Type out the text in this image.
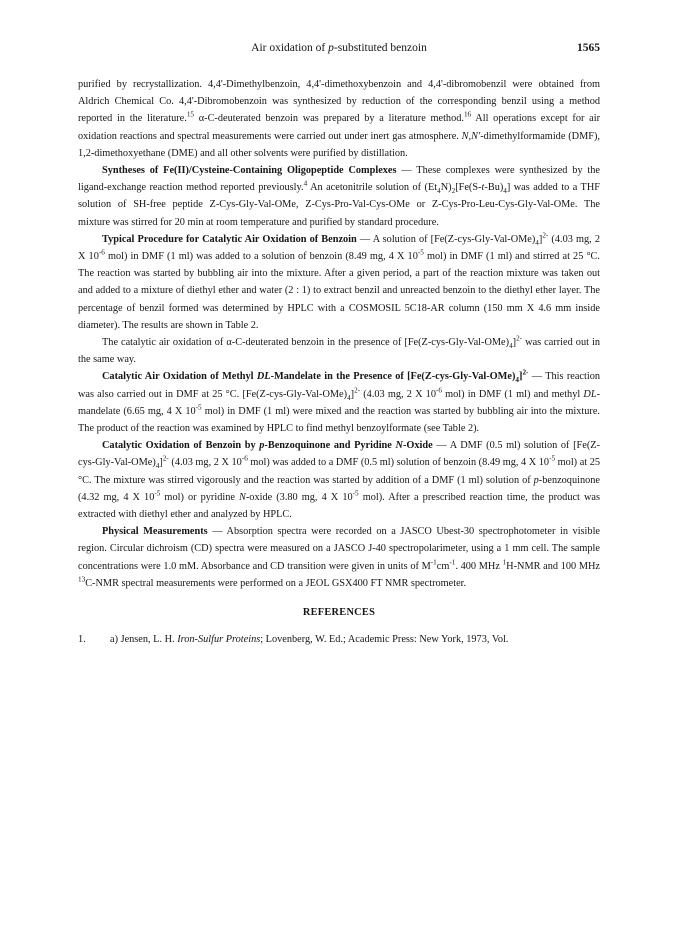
Air oxidation of p-substituted benzoin	1565

purified by recrystallization. 4,4'-Dimethylbenzoin, 4,4'-dimethoxybenzoin and 4,4'-dibromobenzil were obtained from Aldrich Chemical Co. 4,4'-Dibromobenzoin was synthesized by reduction of the corresponding benzil using a method reported in the literature.$^{15}$ α-C-deuterated benzoin was prepared by a literature method.$^{16}$ All operations except for air oxidation reactions and spectral measurements were carried out under inert gas atmosphere. N,N'-dimethylformamide (DMF), 1,2-dimethoxyethane (DME) and all other solvents were purified by distillation.

Syntheses of Fe(II)/Cysteine-Containing Oligopeptide Complexes — These complexes were synthesized by the ligand-exchange reaction method reported previously.$^4$ An acetonitrile solution of $(Et_4N)_2[Fe(S-t-Bu)_4]$ was added to a THF solution of SH-free peptide Z-Cys-Gly-Val-OMe, Z-Cys-Pro-Val-Cys-OMe or Z-Cys-Pro-Leu-Cys-Gly-Val-OMe. The mixture was stirred for 20 min at room temperature and purified by standard procedure.

Typical Procedure for Catalytic Air Oxidation of Benzoin — A solution of $[Fe(Z-cys-Gly-Val-OMe)_4]^{2-}$ (4.03 mg, 2 X $10^{-6}$ mol) in DMF (1 ml) was added to a solution of benzoin (8.49 mg, 4 X $10^{-5}$ mol) in DMF (1 ml) and stirred at 25 °C. The reaction was started by bubbling air into the mixture. After a given period, a part of the reaction mixture was taken out and added to a mixture of diethyl ether and water (2 : 1) to extract benzil and unreacted benzoin to the diethyl ether layer. The percentage of benzil formed was determined by HPLC with a COSMOSIL 5C18-AR column (150 mm X 4.6 mm inside diameter). The results are shown in Table 2.

The catalytic air oxidation of α-C-deuterated benzoin in the presence of $[Fe(Z-cys-Gly-Val-OMe)_4]^{2-}$ was carried out in the same way.

Catalytic Air Oxidation of Methyl DL-Mandelate in the Presence of $[Fe(Z-cys-Gly-Val-OMe)_4]^{2-}$ — This reaction was also carried out in DMF at 25 °C. $[Fe(Z-cys-Gly-Val-OMe)_4]^{2-}$ (4.03 mg, 2 X $10^{-6}$ mol) in DMF (1 ml) and methyl DL-mandelate (6.65 mg, 4 X $10^{-5}$ mol) in DMF (1 ml) were mixed and the reaction was started by bubbling air into the mixture. The product of the reaction was examined by HPLC to find methyl benzoylformate (see Table 2).

Catalytic Oxidation of Benzoin by p-Benzoquinone and Pyridine N-Oxide — A DMF (0.5 ml) solution of $[Fe(Z-cys-Gly-Val-OMe)_4]^{2-}$ (4.03 mg, 2 X $10^{-6}$ mol) was added to a DMF (0.5 ml) solution of benzoin (8.49 mg, 4 X $10^{-5}$ mol) at 25 °C. The mixture was stirred vigorously and the reaction was started by addition of a DMF (1 ml) solution of p-benzoquinone (4.32 mg, 4 X $10^{-5}$ mol) or pyridine N-oxide (3.80 mg, 4 X $10^{-5}$ mol). After a prescribed reaction time, the product was extracted with diethyl ether and analyzed by HPLC.

Physical Measurements — Absorption spectra were recorded on a JASCO Ubest-30 spectrophotometer in visible region. Circular dichroism (CD) spectra were measured on a JASCO J-40 spectropolarimeter, using a 1 mm cell. The sample concentrations were 1.0 mM. Absorbance and CD transition were given in units of $M^{-1}cm^{-1}$. 400 MHz $^1$H-NMR and 100 MHz $^{13}$C-NMR spectral measurements were performed on a JEOL GSX400 FT NMR spectrometer.

REFERENCES

1.	a) Jensen, L. H. Iron-Sulfur Proteins; Lovenberg, W. Ed.; Academic Press: New York, 1973, Vol.
